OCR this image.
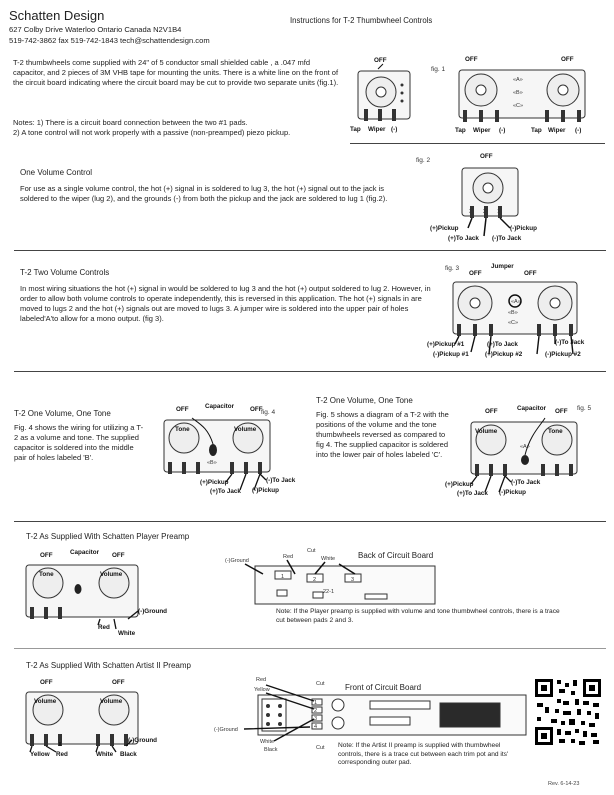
Schatten Design
627 Colby Drive Waterloo Ontario Canada N2V1B4
519-742-3862 fax 519-742-1843 tech@schattendesign.com
Instructions for T-2 Thumbwheel Controls
T-2 thumbwheels come supplied with 24" of 5 conductor small shielded cable , a .047 mfd capacitor, and 2 pieces of 3M VHB tape for mounting the units. There is a white line on the front of the circuit board indicating where the circuit board may be cut to provide two separate units (fig.1).
Notes: 1) There is a circuit board connection between the two #1 pads.
2) A tone control will not work properly with a passive (non-preamped) piezo pickup.
fig. 1
OFF
Tap Wiper (-)
OFF	OFF
«A»
«B»
«C»
Tap Wiper (-)	Tap Wiper (-)
One Volume Control
For use as a single volume control, the hot (+) signal in is soldered to lug 3, the hot (+) signal out to the jack is soldered to the wiper (lug 2), and the grounds (-) from both the pickup and the jack are soldered to lug 1 (fig.2).
fig. 2
OFF
3 2 1
(+)Pickup
(+)To Jack
(-)Pickup
(-)To Jack
T-2 Two Volume Controls
In most wiring situations the hot (+) signal in would be soldered to lug 3 and the hot (+) output soldered to lug 2. However, in order to allow both volume controls to operate independently, this is reversed in this application. The hot (+) signals in are moved to lugs 2 and the hot (+) signals out are moved to lugs 3. A jumper wire is soldered into the upper pair of holes labeled'A'to allow for a mono output. (fig 3).
fig. 3	Jumper
OFF	OFF
«A»
«B»
«C»
(+)Pickup #1
(-)Pickup #1
(+)To Jack
(+)Pickup #2
(-)To Jack
(-)Pickup #2
T-2 One Volume, One Tone
Fig. 4 shows the wiring for utilizing a T-2 as a volume and tone. The supplied capacitor is soldered into the middle pair of holes labeled 'B'.
fig. 4
OFF	Capacitor	OFF
Tone	Volume
«B»
3 2 1
(+)Pickup
(+)To Jack
(-)To Jack
(-)Pickup
T-2 One Volume, One Tone
Fig. 5 shows a diagram of a T-2 with the positions of the volume and the tone thumbwheels reversed as compared to fig 4. The supplied capacitor is soldered into the lower pair of holes labeled 'C'.
fig. 5
OFF	Capacitor OFF
Volume	Tone
«A»
(+)Pickup
(+)To Jack
(-)To Jack
(-)Pickup
T-2 As Supplied With Schatten Player Preamp
OFF	Capacitor OFF
Tone	Volume
3 2 1	(-)Ground
Red
White
Back of Circuit Board
(-)Ground
Red
Cut
White
1	2	3
22-1
Note: If the Player preamp is supplied with volume and tone thumbwheel controls, there is a trace cut between pads 2 and 3.
T-2 As Supplied With Schatten Artist II Preamp
OFF	OFF
Volume	Volume
(-)Ground
Yellow Red	White Black
Front of Circuit Board
Red
Yellow
Cut
(-)Ground
White
Black	Cut
1
2
3
4
Note: If the Artist II preamp is supplied with thumbwheel controls, there is a trace cut between each trim pot and its' corresponding outer pad.
Rev. 6-14-23
